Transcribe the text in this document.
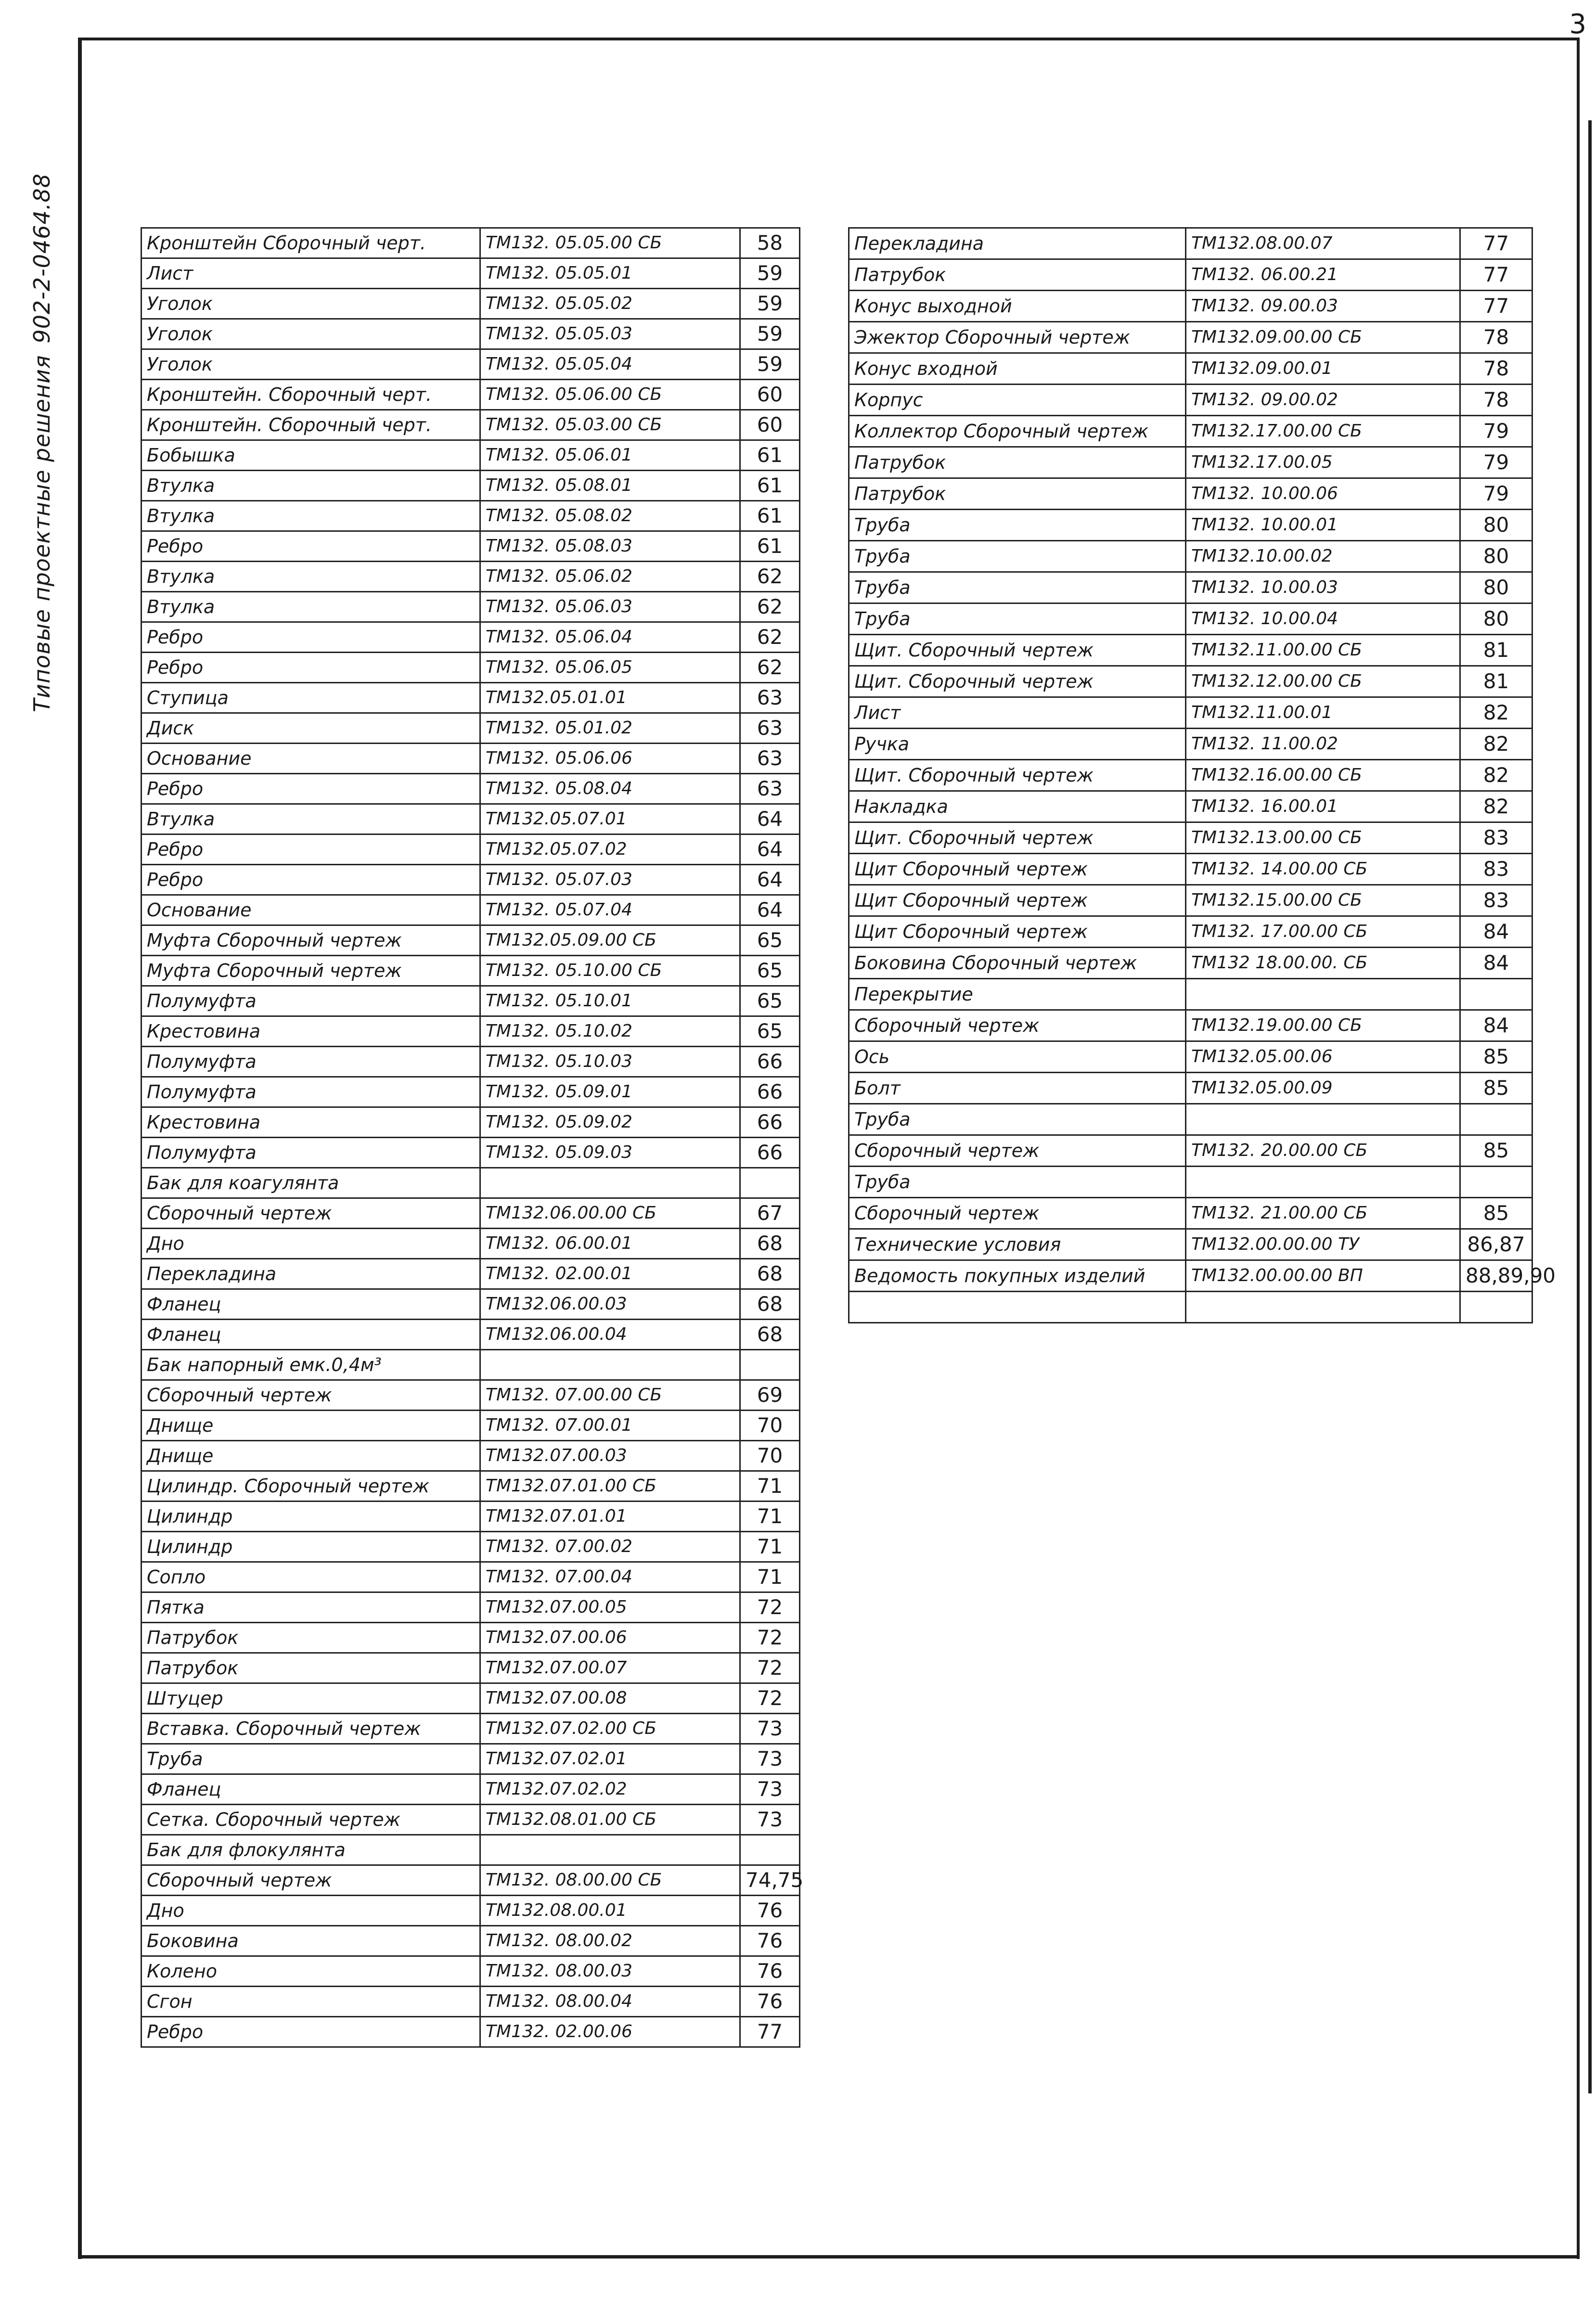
3
Типовые проектные решения
902-2-0464.88	Кронштейн Сборочный черт.	ТМ132. 05.05.00 СБ	58
Лист	ТМ132. 05.05.01	59
Уголок	ТМ132. 05.05.02	59
Уголок	ТМ132. 05.05.03	59
Уголок	ТМ132. 05.05.04	59
Кронштейн. Сборочный черт.	ТМ132. 05.06.00 СБ	60
Кронштейн. Сборочный черт.	ТМ132. 05.03.00 СБ	60
Бобышка	ТМ132. 05.06.01	61
Втулка	ТМ132. 05.08.01	61
Втулка	ТМ132. 05.08.02	61
Ребро	ТМ132. 05.08.03	61
Втулка	ТМ132. 05.06.02	62
Втулка	ТМ132. 05.06.03	62
Ребро	ТМ132. 05.06.04	62
Ребро	ТМ132. 05.06.05	62
Ступица	ТМ132.05.01.01	63
Диск	ТМ132. 05.01.02	63
Основание	ТМ132. 05.06.06	63
Ребро	ТМ132. 05.08.04	63
Втулка	ТМ132.05.07.01	64
Ребро	ТМ132.05.07.02	64
Ребро	ТМ132. 05.07.03	64
Основание	ТМ132. 05.07.04	64
Муфта Сборочный чертеж	ТМ132.05.09.00 СБ	65
Муфта Сборочный чертеж	ТМ132. 05.10.00 СБ	65
Полумуфта	ТМ132. 05.10.01	65
Крестовина	ТМ132. 05.10.02	65
Полумуфта	ТМ132. 05.10.03	66
Полумуфта	ТМ132. 05.09.01	66
Крестовина	ТМ132. 05.09.02	66
Полумуфта	ТМ132. 05.09.03	66
Бак для коагулянта		
Сборочный чертеж	ТМ132.06.00.00 СБ	67
Дно	ТМ132. 06.00.01	68
Перекладина	ТМ132. 02.00.01	68
Фланец	ТМ132.06.00.03	68
Фланец	ТМ132.06.00.04	68
Бак напорный емк.0,4м³		
Сборочный чертеж	ТМ132. 07.00.00 СБ	69
Днище	ТМ132. 07.00.01	70
Днище	ТМ132.07.00.03	70
Цилиндр. Сборочный чертеж	ТМ132.07.01.00 СБ	71
Цилиндр	ТМ132.07.01.01	71
Цилиндр	ТМ132. 07.00.02	71
Сопло	ТМ132. 07.00.04	71
Пятка	ТМ132.07.00.05	72
Патрубок	ТМ132.07.00.06	72
Патрубок	ТМ132.07.00.07	72
Штуцер	ТМ132.07.00.08	72
Вставка. Сборочный чертеж	ТМ132.07.02.00 СБ	73
Труба	ТМ132.07.02.01	73
Фланец	ТМ132.07.02.02	73
Сетка. Сборочный чертеж	ТМ132.08.01.00 СБ	73
Бак для флокулянта		
Сборочный чертеж	ТМ132. 08.00.00 СБ	74,75
Дно	ТМ132.08.00.01	76
Боковина	ТМ132. 08.00.02	76
Колено	ТМ132. 08.00.03	76
Сгон	ТМ132. 08.00.04	76
Ребро	ТМ132. 02.00.06	77
Перекладина	ТМ132.08.00.07	77
Патрубок	ТМ132. 06.00.21	77
Конус выходной	ТМ132. 09.00.03	77
Эжектор Сборочный чертеж	ТМ132.09.00.00 СБ	78
Конус входной	ТМ132.09.00.01	78
Корпус	ТМ132. 09.00.02	78
Коллектор Сборочный чертеж	ТМ132.17.00.00 СБ	79
Патрубок	ТМ132.17.00.05	79
Патрубок	ТМ132. 10.00.06	79
Труба	ТМ132. 10.00.01	80
Труба	ТМ132.10.00.02	80
Труба	ТМ132. 10.00.03	80
Труба	ТМ132. 10.00.04	80
Щит. Сборочный чертеж	ТМ132.11.00.00 СБ	81
Щит. Сборочный чертеж	ТМ132.12.00.00 СБ	81
Лист	ТМ132.11.00.01	82
Ручка	ТМ132. 11.00.02	82
Щит. Сборочный чертеж	ТМ132.16.00.00 СБ	82
Накладка	ТМ132. 16.00.01	82
Щит. Сборочный чертеж	ТМ132.13.00.00 СБ	83
Щит Сборочный чертеж	ТМ132. 14.00.00 СБ	83
Щит Сборочный чертеж	ТМ132.15.00.00 СБ	83
Щит Сборочный чертеж	ТМ132. 17.00.00 СБ	84
Боковина Сборочный чертеж	ТМ132 18.00.00. СБ	84
Перекрытие		
Сборочный чертеж	ТМ132.19.00.00 СБ	84
Ось	ТМ132.05.00.06	85
Болт	ТМ132.05.00.09	85
Труба		
Сборочный чертеж	ТМ132. 20.00.00 СБ	85
Труба		
Сборочный чертеж	ТМ132. 21.00.00 СБ	85
Технические условия	ТМ132.00.00.00 ТУ	86,87
Ведомость покупных изделий	ТМ132.00.00.00 ВП	88,89,90
